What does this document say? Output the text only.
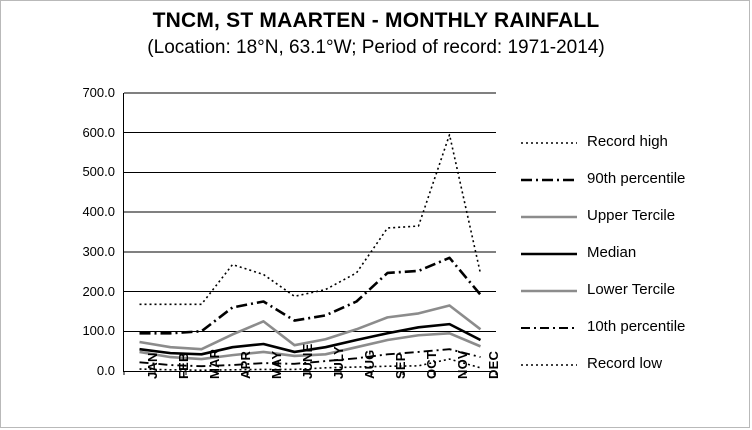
TNCM, ST MAARTEN - MONTHLY RAINFALL
(Location: 18°N, 63.1°W; Period of record: 1971-2014)
0.0
100.0
200.0
300.0
400.0
500.0
600.0
700.0
JAN FEB MAR APR MAY JUNE JULY AUG SEP OCT NOV DEC
Record high
90th percentile
Upper Tercile
Median
Lower Tercile
10th percentile
Record low
